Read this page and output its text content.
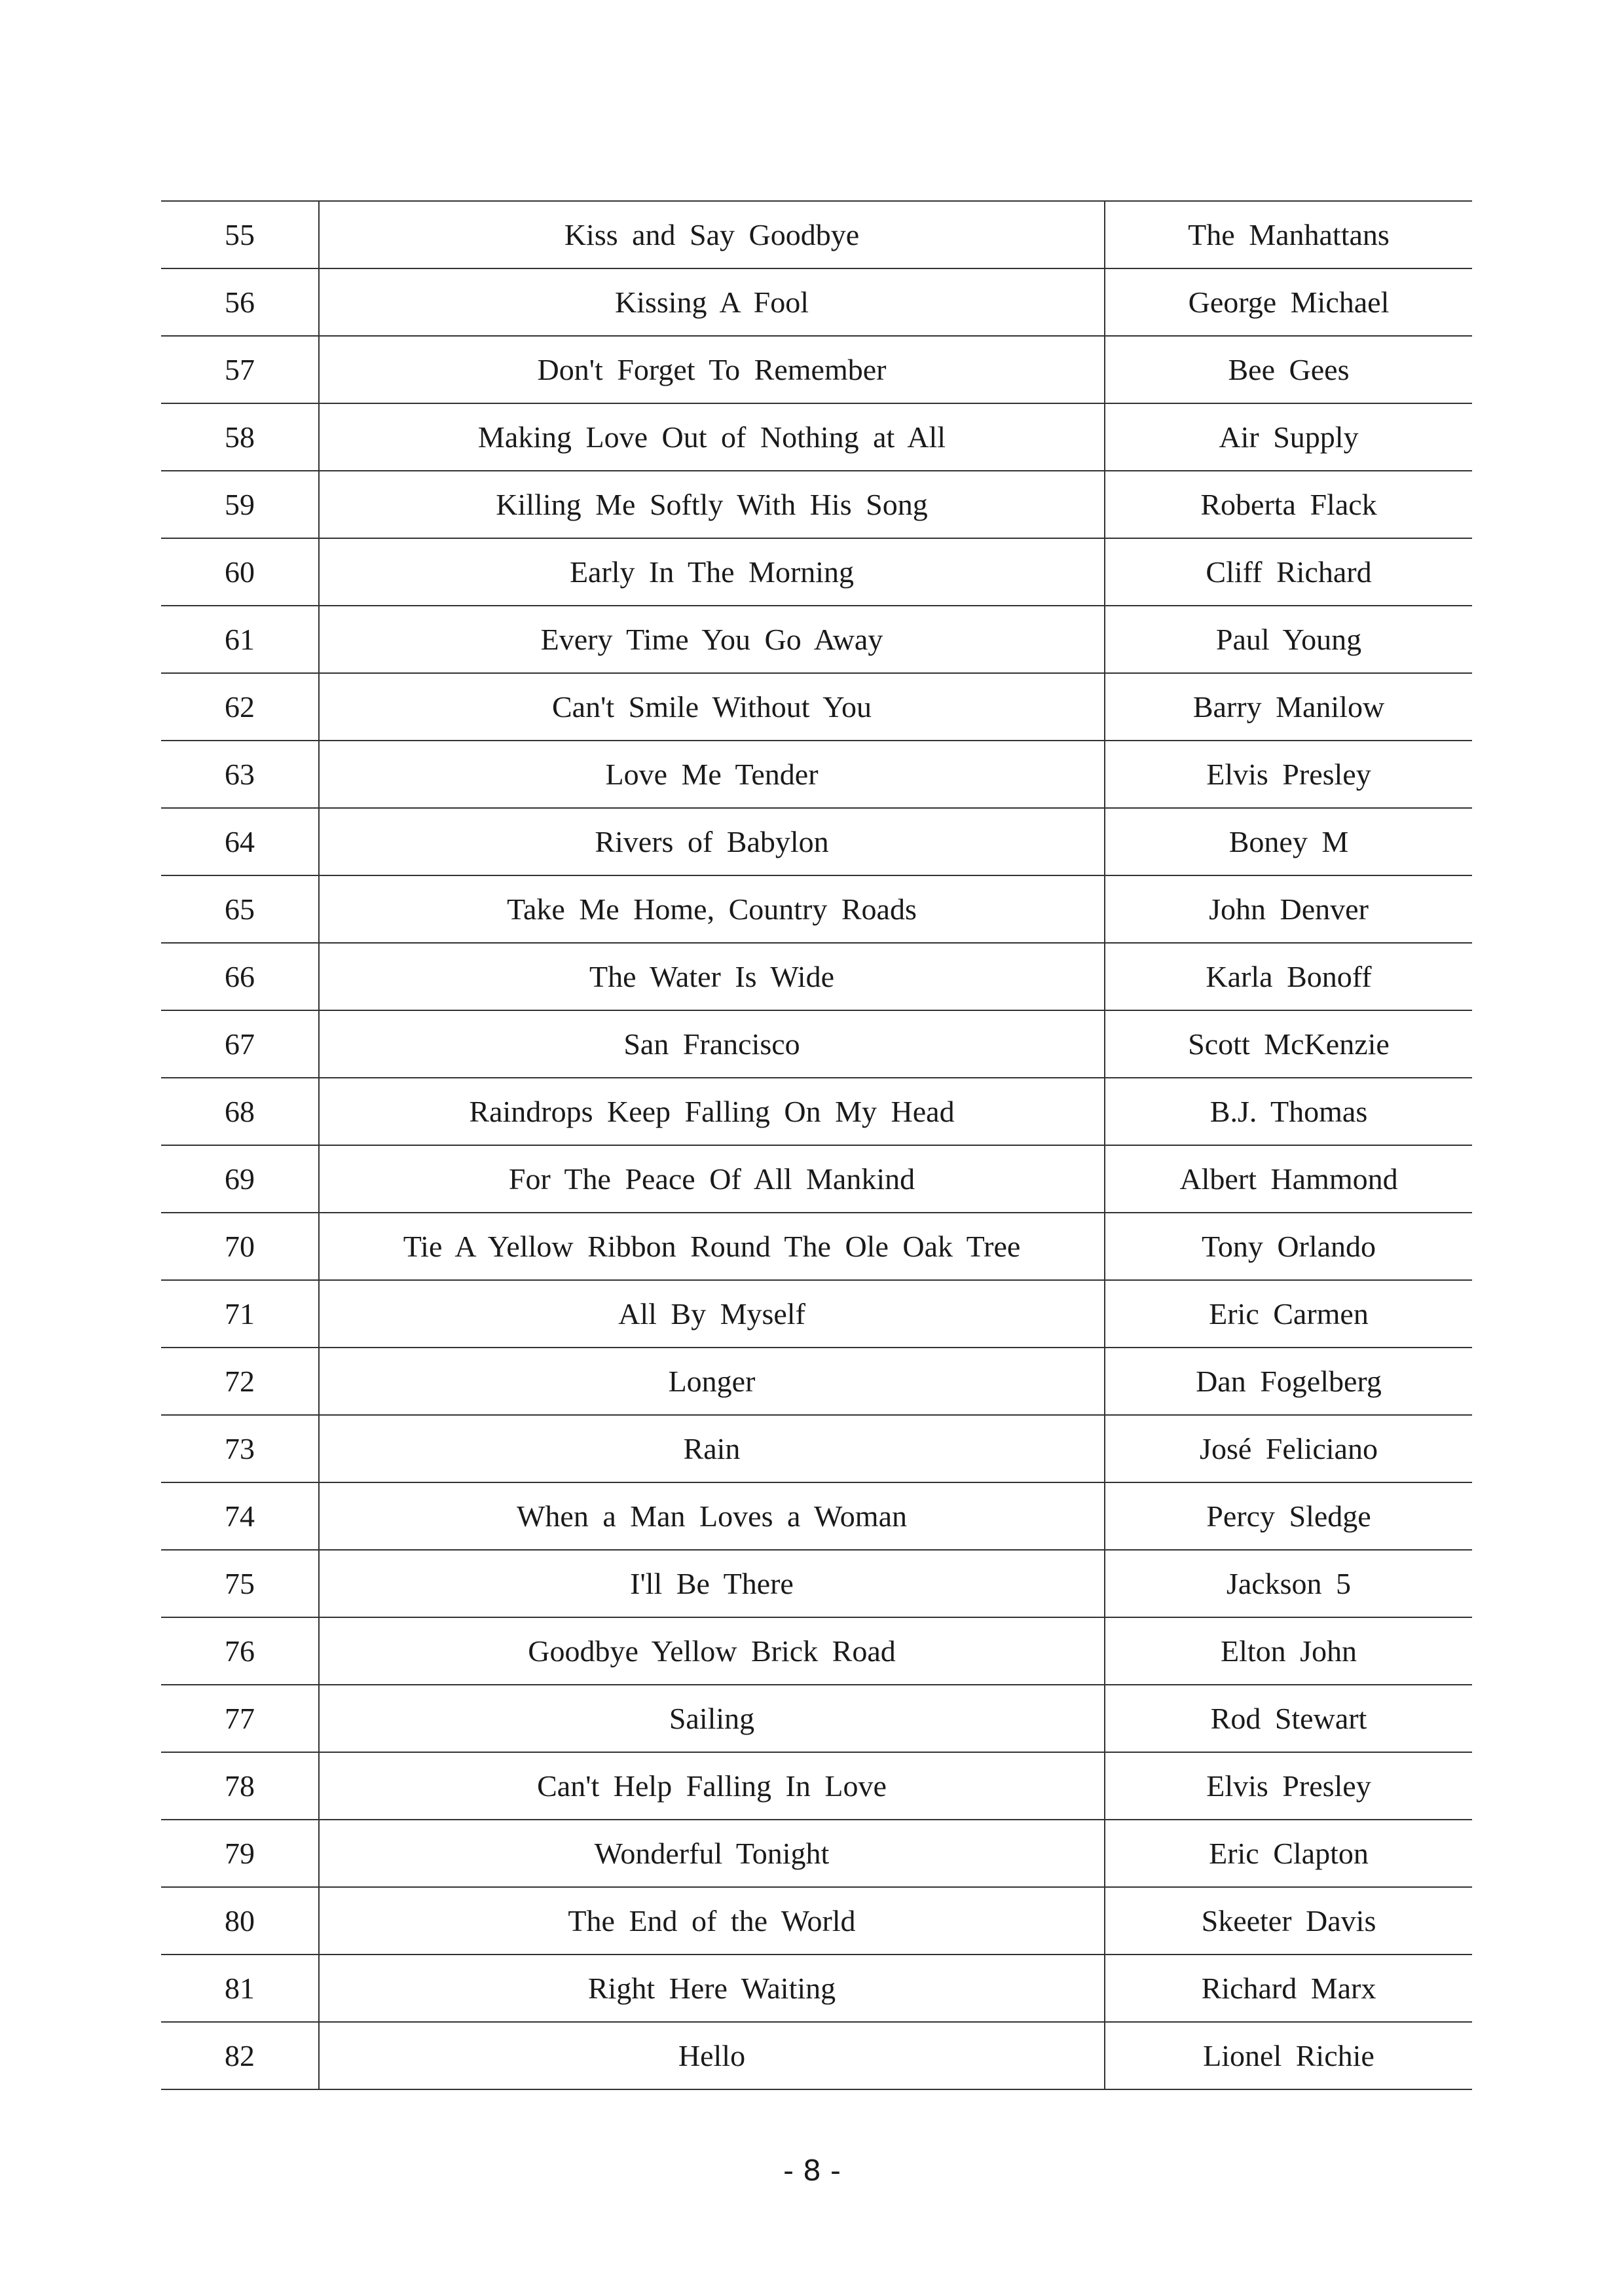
55	Kiss and Say Goodbye	The Manhattans
56	Kissing A Fool	George Michael
57	Don't Forget To Remember	Bee Gees
58	Making Love Out of Nothing at All	Air Supply
59	Killing Me Softly With His Song	Roberta Flack
60	Early In The Morning	Cliff Richard
61	Every Time You Go Away	Paul Young
62	Can't Smile Without You	Barry Manilow
63	Love Me Tender	Elvis Presley
64	Rivers of Babylon	Boney M
65	Take Me Home, Country Roads	John Denver
66	The Water Is Wide	Karla Bonoff
67	San Francisco	Scott McKenzie
68	Raindrops Keep Falling On My Head	B.J. Thomas
69	For The Peace Of All Mankind	Albert Hammond
70	Tie A Yellow Ribbon Round The Ole Oak Tree	Tony Orlando
71	All By Myself	Eric Carmen
72	Longer	Dan Fogelberg
73	Rain	José Feliciano
74	When a Man Loves a Woman	Percy Sledge
75	I'll Be There	Jackson 5
76	Goodbye Yellow Brick Road	Elton John
77	Sailing	Rod Stewart
78	Can't Help Falling In Love	Elvis Presley
79	Wonderful Tonight	Eric Clapton
80	The End of the World	Skeeter Davis
81	Right Here Waiting	Richard Marx
82	Hello	Lionel Richie
- 8 -
